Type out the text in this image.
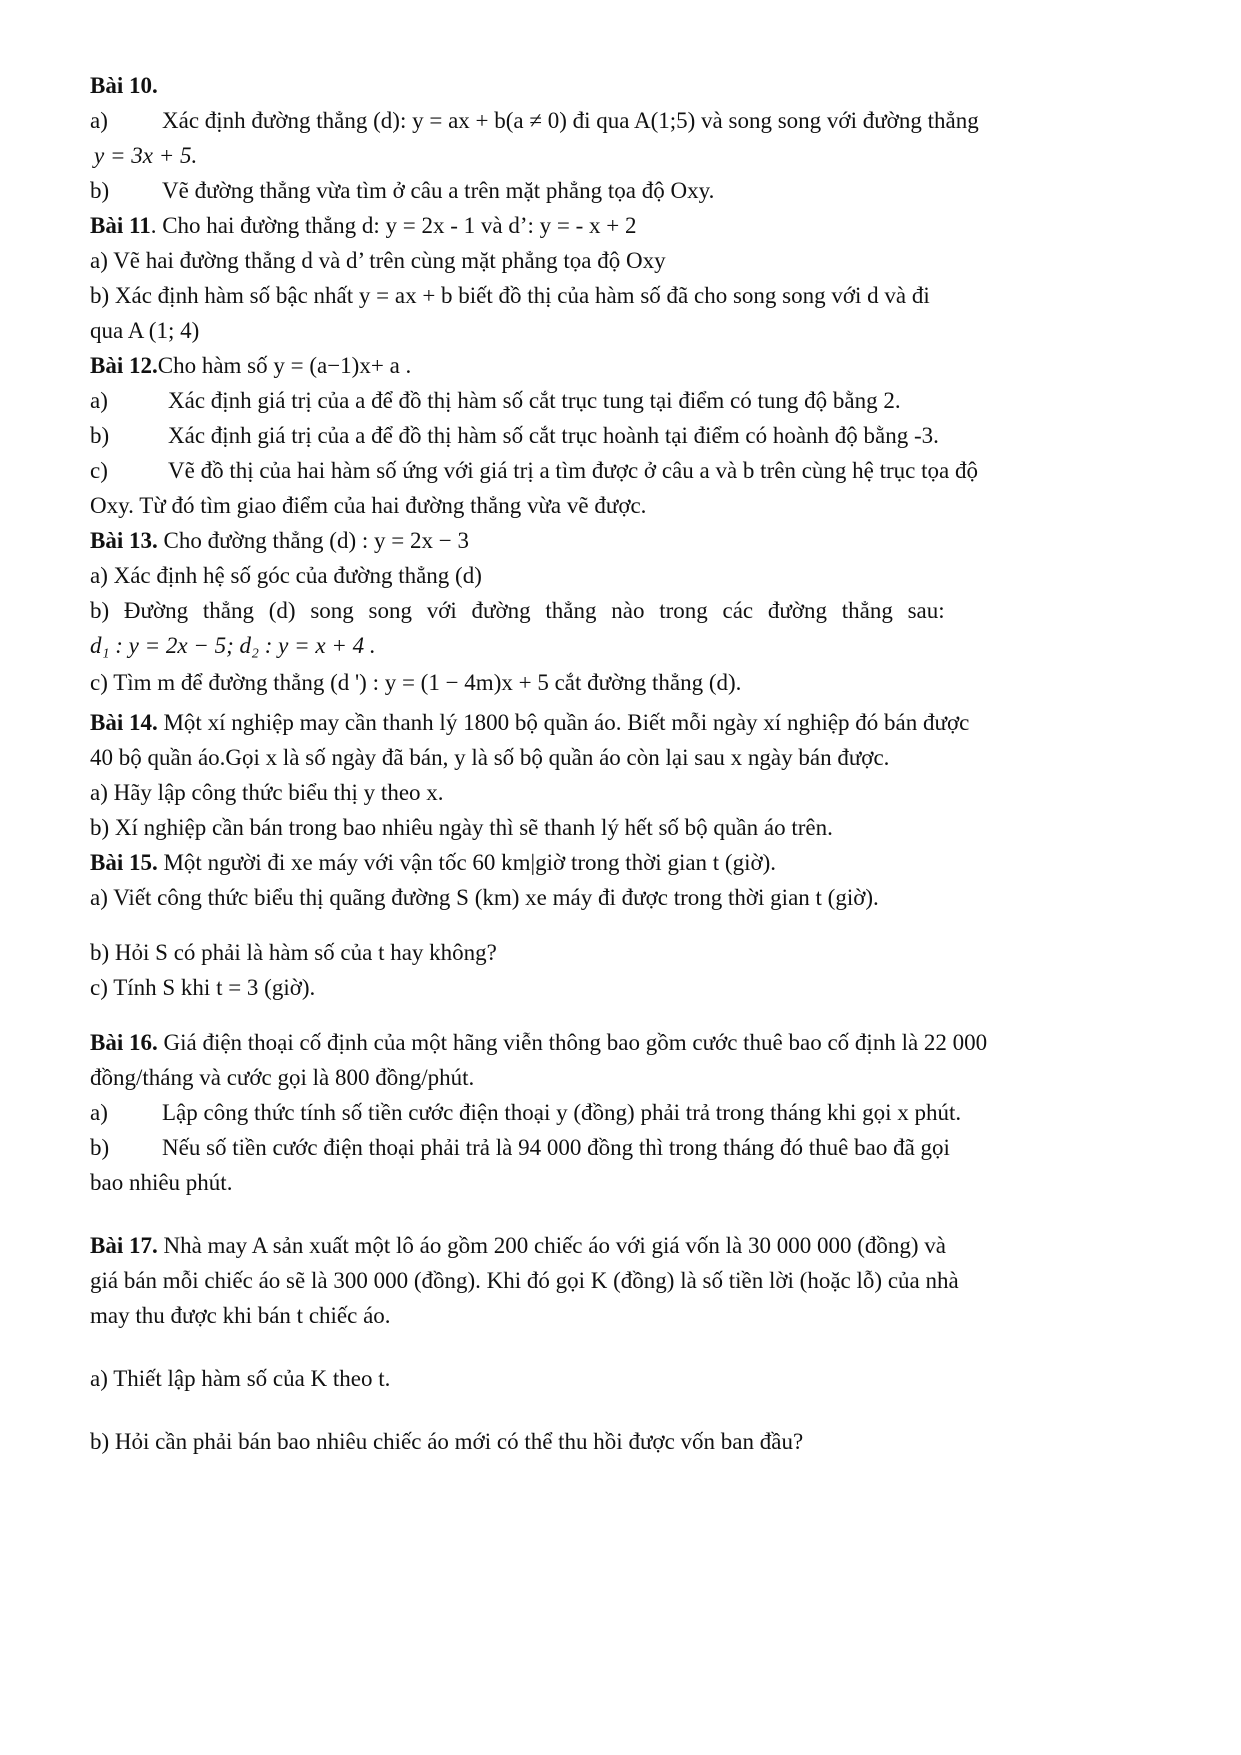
Bài 10.
a) Xác định đường thẳng (d): y = ax + b(a ≠ 0) đi qua A(1;5) và song song với đường thẳng
y = 3x + 5.
b) Vẽ đường thẳng vừa tìm ở câu a trên mặt phẳng tọa độ Oxy.
Bài 11. Cho hai đường thẳng d: y = 2x - 1 và d’: y = - x + 2
a) Vẽ hai đường thẳng d và d’ trên cùng mặt phẳng tọa độ Oxy
b) Xác định hàm số bậc nhất y = ax + b biết đồ thị của hàm số đã cho song song với d và đi
qua A (1; 4)
Bài 12.Cho hàm số y = (a−1)x+ a .
a)	Xác định giá trị của a để đồ thị hàm số cắt trục tung tại điểm có tung độ bằng 2.
b)	Xác định giá trị của a để đồ thị hàm số cắt trục hoành tại điểm có hoành độ bằng -3.
c)	Vẽ đồ thị của hai hàm số ứng với giá trị a tìm được ở câu a và b trên cùng hệ trục tọa độ
Oxy. Từ đó tìm giao điểm của hai đường thẳng vừa vẽ được.
Bài 13. Cho đường thẳng (d) : y = 2x − 3
a) Xác định hệ số góc của đường thẳng (d)
b) Đường thẳng (d) song song với đường thẳng nào trong các đường thẳng sau:
d₁ : y = 2x − 5; d₂ : y = x + 4 .
c) Tìm m để đường thẳng (d ') : y = (1 − 4m)x + 5 cắt đường thẳng (d).
Bài 14. Một xí nghiệp may cần thanh lý 1800 bộ quần áo. Biết mỗi ngày xí nghiệp đó bán được
40 bộ quần áo.Gọi x là số ngày đã bán, y là số bộ quần áo còn lại sau x ngày bán được.
a) Hãy lập công thức biểu thị y theo x.
b) Xí nghiệp cần bán trong bao nhiêu ngày thì sẽ thanh lý hết số bộ quần áo trên.
Bài 15. Một người đi xe máy với vận tốc 60 km|giờ trong thời gian t (giờ).
a) Viết công thức biểu thị quãng đường S (km) xe máy đi được trong thời gian t (giờ).
b) Hỏi S có phải là hàm số của t hay không?
c) Tính S khi t = 3 (giờ).
Bài 16. Giá điện thoại cố định của một hãng viễn thông bao gồm cước thuê bao cố định là 22 000
đồng/tháng và cước gọi là 800 đồng/phút.
a) Lập công thức tính số tiền cước điện thoại y (đồng) phải trả trong tháng khi gọi x phút.
b) Nếu số tiền cước điện thoại phải trả là 94 000 đồng thì trong tháng đó thuê bao đã gọi
bao nhiêu phút.
Bài 17. Nhà may A sản xuất một lô áo gồm 200 chiếc áo với giá vốn là 30 000 000 (đồng) và
giá bán mỗi chiếc áo sẽ là 300 000 (đồng). Khi đó gọi K (đồng) là số tiền lời (hoặc lỗ) của nhà
may thu được khi bán t chiếc áo.
a) Thiết lập hàm số của K theo t.
b) Hỏi cần phải bán bao nhiêu chiếc áo mới có thể thu hồi được vốn ban đầu?
